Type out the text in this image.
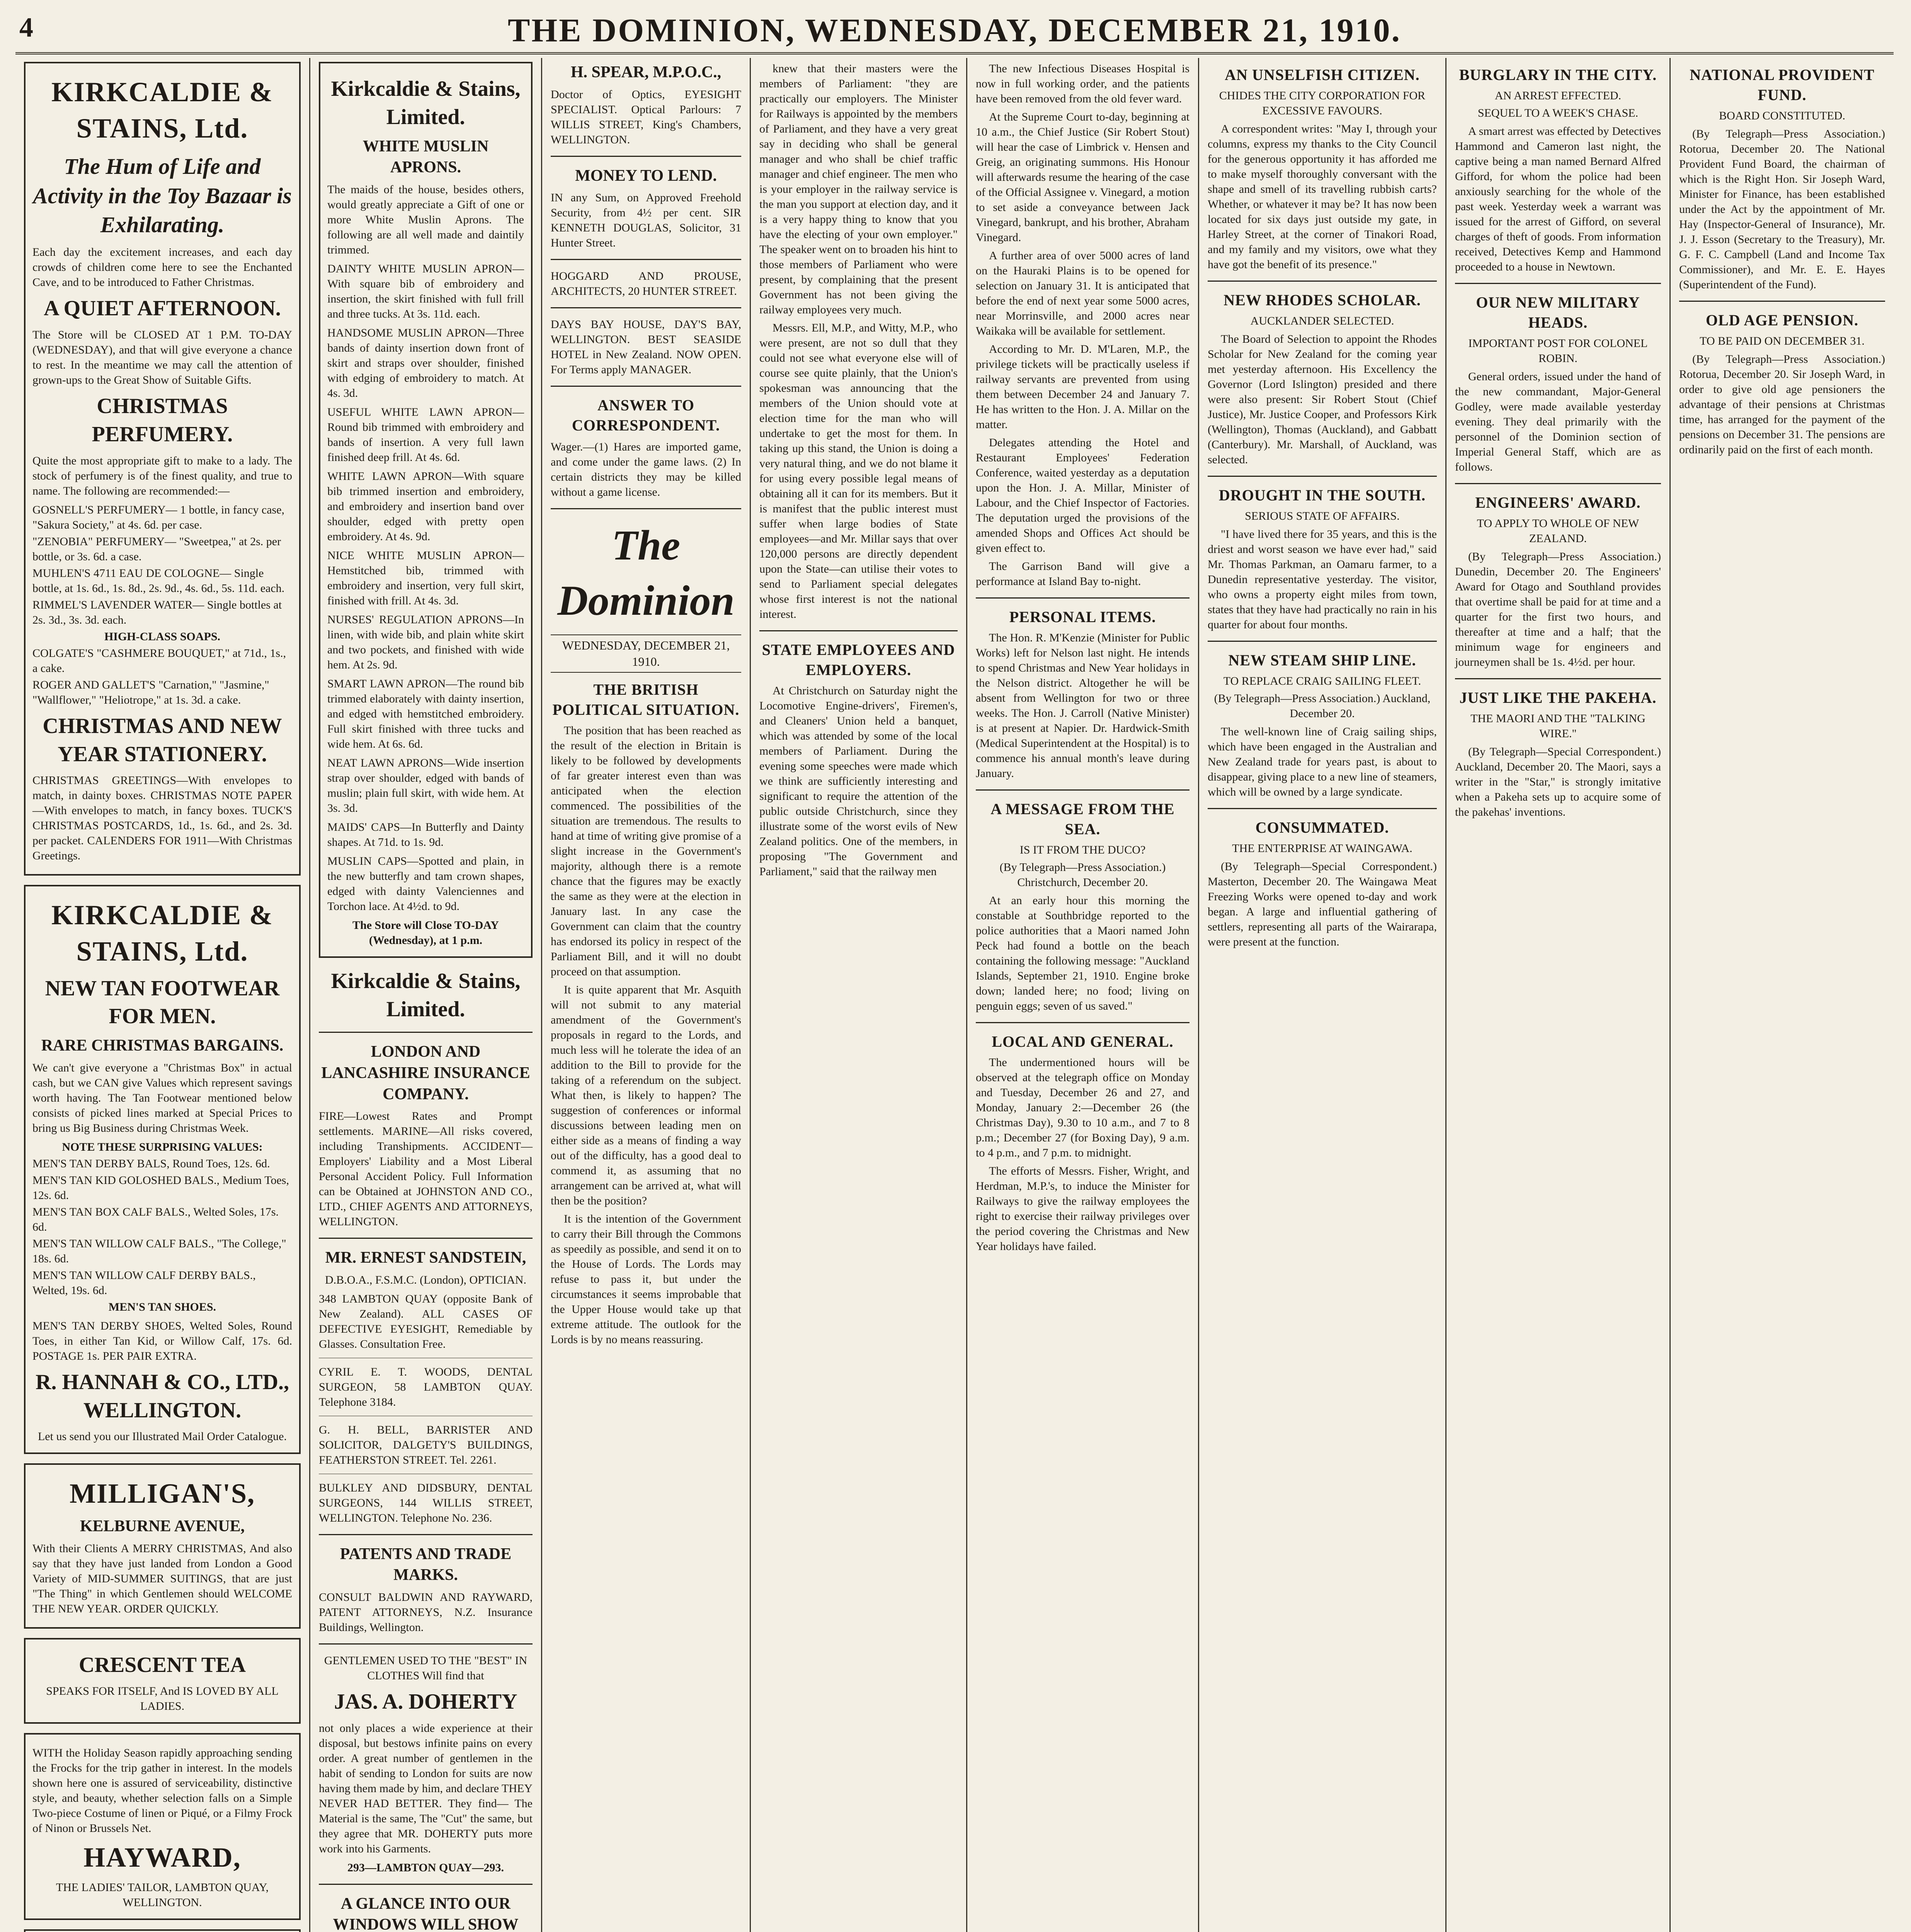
4	THE DOMINION, WEDNESDAY, DECEMBER 21, 1910.
KIRKCALDIE & STAINS, Ltd.
The Hum of Life and Activity in the Toy Bazaar is Exhilarating.
Each day the excitement increases, and each day crowds of children come here to see the Enchanted Cave, and to be introduced to Father Christmas.
A QUIET AFTERNOON.
The Store will be CLOSED AT 1 P.M. TO-DAY (WEDNESDAY), and that will give everyone a chance to rest. In the meantime we may call the attention of grown-ups to the Great Show of Suitable Gifts.
CHRISTMAS PERFUMERY.
Quite the most appropriate gift to make to a lady. The stock of perfumery is of the finest quality, and true to name. The following are recommended:—
GOSNELL'S PERFUMERY— 1 bottle, in fancy case, "Sakura Society," at 4s. 6d. per case.
"ZENOBIA" PERFUMERY— "Sweetpea," at 2s. per bottle, or 3s. 6d. a case.
MUHLEN'S 4711 EAU DE COLOGNE— Single bottle, at 1s. 6d., 1s. 8d., 2s. 9d., 4s. 6d., 5s. 11d. each.
RIMMEL'S LAVENDER WATER— Single bottles at 2s. 3d., 3s. 3d. each.
HIGH-CLASS SOAPS.
COLGATE'S "CASHMERE BOUQUET," at 71d., 1s., a cake.
ROGER AND GALLET'S "Carnation," "Jasmine," "Wallflower," "Heliotrope," at 1s. 3d. a cake.
CHRISTMAS AND NEW YEAR STATIONERY.
CHRISTMAS GREETINGS—With envelopes to match, in dainty boxes. CHRISTMAS NOTE PAPER—With envelopes to match, in fancy boxes. TUCK'S CHRISTMAS POSTCARDS, 1d., 1s. 6d., and 2s. 3d. per packet. CALENDERS FOR 1911—With Christmas Greetings.
KIRKCALDIE & STAINS, Ltd.
NEW TAN FOOTWEAR FOR MEN.
RARE CHRISTMAS BARGAINS.
We can't give everyone a "Christmas Box" in actual cash, but we CAN give Values which represent savings worth having. The Tan Footwear mentioned below consists of picked lines marked at Special Prices to bring us Big Business during Christmas Week.
NOTE THESE SURPRISING VALUES:
MEN'S TAN DERBY BALS, Round Toes, 12s. 6d.
MEN'S TAN KID GOLOSHED BALS., Medium Toes, 12s. 6d.
MEN'S TAN BOX CALF BALS., Welted Soles, 17s. 6d.
MEN'S TAN WILLOW CALF BALS., "The College," 18s. 6d.
MEN'S TAN WILLOW CALF DERBY BALS., Welted, 19s. 6d.
MEN'S TAN SHOES.
MEN'S TAN DERBY SHOES, Welted Soles, Round Toes, in either Tan Kid, or Willow Calf, 17s. 6d. POSTAGE 1s. PER PAIR EXTRA.
R. HANNAH & CO., LTD., WELLINGTON.
Let us send you our Illustrated Mail Order Catalogue.
MILLIGAN'S,
KELBURNE AVENUE,
With their Clients A MERRY CHRISTMAS, And also say that they have just landed from London a Good Variety of MID-SUMMER SUITINGS, that are just "The Thing" in which Gentlemen should WELCOME THE NEW YEAR. ORDER QUICKLY.
CRESCENT TEA
SPEAKS FOR ITSELF, And IS LOVED BY ALL LADIES.
WITH the Holiday Season rapidly approaching sending the Frocks for the trip gather in interest. In the models shown here one is assured of serviceability, distinctive style, and beauty, whether selection falls on a Simple Two-piece Costume of linen or Piqué, or a Filmy Frock of Ninon or Brussels Net.
HAYWARD,
THE LADIES' TAILOR, LAMBTON QUAY, WELLINGTON.
Kirkcaldie & Stains, Limited.
WHITE MUSLIN APRONS.
The maids of the house, besides others, would greatly appreciate a Gift of one or more White Muslin Aprons. The following are all well made and daintily trimmed.
DAINTY WHITE MUSLIN APRON—With square bib of embroidery and insertion, the skirt finished with full frill and three tucks. At 3s. 11d. each.
HANDSOME MUSLIN APRON—Three bands of dainty insertion down front of skirt and straps over shoulder, finished with edging of embroidery to match. At 4s. 3d.
USEFUL WHITE LAWN APRON—Round bib trimmed with embroidery and bands of insertion. A very full lawn finished deep frill. At 4s. 6d.
WHITE LAWN APRON—With square bib trimmed insertion and embroidery, and embroidery and insertion band over shoulder, edged with pretty open embroidery. At 4s. 9d.
NICE WHITE MUSLIN APRON—Hemstitched bib, trimmed with embroidery and insertion, very full skirt, finished with frill. At 4s. 3d.
NURSES' REGULATION APRONS—In linen, with wide bib, and plain white skirt and two pockets, and finished with wide hem. At 2s. 9d.
SMART LAWN APRON—The round bib trimmed elaborately with dainty insertion, and edged with hemstitched embroidery. Full skirt finished with three tucks and wide hem. At 6s. 6d.
NEAT LAWN APRONS—Wide insertion strap over shoulder, edged with bands of muslin; plain full skirt, with wide hem. At 3s. 3d.
MAIDS' CAPS—In Butterfly and Dainty shapes. At 71d. to 1s. 9d.
MUSLIN CAPS—Spotted and plain, in the new butterfly and tam crown shapes, edged with dainty Valenciennes and Torchon lace. At 4½d. to 9d.
The Store will Close TO-DAY (Wednesday), at 1 p.m.
Kirkcaldie & Stains, Limited.
LONDON AND LANCASHIRE INSURANCE COMPANY.
FIRE—Lowest Rates and Prompt settlements. MARINE—All risks covered, including Transhipments. ACCIDENT—Employers' Liability and a Most Liberal Personal Accident Policy. Full Information can be Obtained at JOHNSTON AND CO., LTD., CHIEF AGENTS AND ATTORNEYS, WELLINGTON.
MR. ERNEST SANDSTEIN,
D.B.O.A., F.S.M.C. (London), OPTICIAN.
348 LAMBTON QUAY (opposite Bank of New Zealand). ALL CASES OF DEFECTIVE EYESIGHT, Remediable by Glasses. Consultation Free.
CYRIL E. T. WOODS, DENTAL SURGEON, 58 LAMBTON QUAY. Telephone 3184.
G. H. BELL, BARRISTER AND SOLICITOR, DALGETY'S BUILDINGS, FEATHERSTON STREET. Tel. 2261.
BULKLEY AND DIDSBURY, DENTAL SURGEONS, 144 WILLIS STREET, WELLINGTON. Telephone No. 236.
PATENTS AND TRADE MARKS.
CONSULT BALDWIN AND RAYWARD, PATENT ATTORNEYS, N.Z. Insurance Buildings, Wellington.
GENTLEMEN USED TO THE "BEST" IN CLOTHES Will find that
JAS. A. DOHERTY
not only places a wide experience at their disposal, but bestows infinite pains on every order. A great number of gentlemen in the habit of sending to London for suits are now having them made by him, and declare THEY NEVER HAD BETTER. They find— The Material is the same, The "Cut" the same, but they agree that MR. DOHERTY puts more work into his Garments.
293—LAMBTON QUAY—293.
A GLANCE INTO OUR WINDOWS WILL SHOW
H. SPEAR, M.P.O.C.,
Doctor of Optics, EYESIGHT SPECIALIST. Optical Parlours: 7 WILLIS STREET, King's Chambers, WELLINGTON.
MONEY TO LEND.
IN any Sum, on Approved Freehold Security, from 4½ per cent. SIR KENNETH DOUGLAS, Solicitor, 31 Hunter Street.
HOGGARD AND PROUSE, ARCHITECTS, 20 HUNTER STREET.
DAYS BAY HOUSE, DAY'S BAY, WELLINGTON. BEST SEASIDE HOTEL in New Zealand. NOW OPEN. For Terms apply MANAGER.
ANSWER TO CORRESPONDENT.
Wager.—(1) Hares are imported game, and come under the game laws. (2) In certain districts they may be killed without a game license.
The Dominion
WEDNESDAY, DECEMBER 21, 1910.
THE BRITISH POLITICAL SITUATION.
The position that has been reached as the result of the election in Britain is likely to be followed by developments of far greater interest even than was anticipated when the election commenced. The possibilities of the situation are tremendous. The results to hand at time of writing give promise of a slight increase in the Government's majority, although there is a remote chance that the figures may be exactly the same as they were at the election in January last. In any case the Government can claim that the country has endorsed its policy in respect of the Parliament Bill, and it will no doubt proceed on that assumption.
It is quite apparent that Mr. Asquith will not submit to any material amendment of the Government's proposals in regard to the Lords, and much less will he tolerate the idea of an addition to the Bill to provide for the taking of a referendum on the subject. What then, is likely to happen? The suggestion of conferences or informal discussions between leading men on either side as a means of finding a way out of the difficulty, has a good deal to commend it, as assuming that no arrangement can be arrived at, what will then be the position?
It is the intention of the Government to carry their Bill through the Commons as speedily as possible, and send it on to the House of Lords. The Lords may refuse to pass it, but under the circumstances it seems improbable that the Upper House would take up that extreme attitude. The outlook for the Lords is by no means reassuring.
knew that their masters were the members of Parliament: "they are practically our employers. The Minister for Railways is appointed by the members of Parliament, and they have a very great say in deciding who shall be general manager and who shall be chief traffic manager and chief engineer. The men who is your employer in the railway service is the man you support at election day, and it is a very happy thing to know that you have the electing of your own employer." The speaker went on to broaden his hint to those members of Parliament who were present, by complaining that the present Government has not been giving the railway employees very much.
Messrs. Ell, M.P., and Witty, M.P., who were present, are not so dull that they could not see what everyone else will of course see quite plainly, that the Union's spokesman was announcing that the members of the Union should vote at election time for the man who will undertake to get the most for them. In taking up this stand, the Union is doing a very natural thing, and we do not blame it for using every possible legal means of obtaining all it can for its members. But it is manifest that the public interest must suffer when large bodies of State employees—and Mr. Millar says that over 120,000 persons are directly dependent upon the State—can utilise their votes to send to Parliament special delegates whose first interest is not the national interest.
STATE EMPLOYEES AND EMPLOYERS.
At Christchurch on Saturday night the Locomotive Engine-drivers', Firemen's, and Cleaners' Union held a banquet, which was attended by some of the local members of Parliament. During the evening some speeches were made which we think are sufficiently interesting and significant to require the attention of the public outside Christchurch, since they illustrate some of the worst evils of New Zealand politics. One of the members, in proposing "The Government and Parliament," said that the railway men
The new Infectious Diseases Hospital is now in full working order, and the patients have been removed from the old fever ward.
At the Supreme Court to-day, beginning at 10 a.m., the Chief Justice (Sir Robert Stout) will hear the case of Limbrick v. Hensen and Greig, an originating summons. His Honour will afterwards resume the hearing of the case of the Official Assignee v. Vinegard, a motion to set aside a conveyance between Jack Vinegard, bankrupt, and his brother, Abraham Vinegard.
A further area of over 5000 acres of land on the Hauraki Plains is to be opened for selection on January 31. It is anticipated that before the end of next year some 5000 acres, near Morrinsville, and 2000 acres near Waikaka will be available for settlement.
According to Mr. D. M'Laren, M.P., the privilege tickets will be practically useless if railway servants are prevented from using them between December 24 and January 7. He has written to the Hon. J. A. Millar on the matter.
Delegates attending the Hotel and Restaurant Employees' Federation Conference, waited yesterday as a deputation upon the Hon. J. A. Millar, Minister of Labour, and the Chief Inspector of Factories. The deputation urged the provisions of the amended Shops and Offices Act should be given effect to.
The Garrison Band will give a performance at Island Bay to-night.
PERSONAL ITEMS.
The Hon. R. M'Kenzie (Minister for Public Works) left for Nelson last night. He intends to spend Christmas and New Year holidays in the Nelson district. Altogether he will be absent from Wellington for two or three weeks. The Hon. J. Carroll (Native Minister) is at present at Napier. Dr. Hardwick-Smith (Medical Superintendent at the Hospital) is to commence his annual month's leave during January.
A MESSAGE FROM THE SEA.
IS IT FROM THE DUCO?
(By Telegraph—Press Association.) Christchurch, December 20.
At an early hour this morning the constable at Southbridge reported to the police authorities that a Maori named John Peck had found a bottle on the beach containing the following message: "Auckland Islands, September 21, 1910. Engine broke down; landed here; no food; living on penguin eggs; seven of us saved."
LOCAL AND GENERAL.
The undermentioned hours will be observed at the telegraph office on Monday and Tuesday, December 26 and 27, and Monday, January 2:—December 26 (the Christmas Day), 9.30 to 10 a.m., and 7 to 8 p.m.; December 27 (for Boxing Day), 9 a.m. to 4 p.m., and 7 p.m. to midnight.
The efforts of Messrs. Fisher, Wright, and Herdman, M.P.'s, to induce the Minister for Railways to give the railway employees the right to exercise their railway privileges over the period covering the Christmas and New Year holidays have failed.
AN UNSELFISH CITIZEN.
CHIDES THE CITY CORPORATION FOR EXCESSIVE FAVOURS.
A correspondent writes: "May I, through your columns, express my thanks to the City Council for the generous opportunity it has afforded me to make myself thoroughly conversant with the shape and smell of its travelling rubbish carts? Whether, or whatever it may be? It has now been located for six days just outside my gate, in Harley Street, at the corner of Tinakori Road, and my family and my visitors, owe what they have got the benefit of its presence."
NEW RHODES SCHOLAR.
AUCKLANDER SELECTED.
The Board of Selection to appoint the Rhodes Scholar for New Zealand for the coming year met yesterday afternoon. His Excellency the Governor (Lord Islington) presided and there were also present: Sir Robert Stout (Chief Justice), Mr. Justice Cooper, and Professors Kirk (Wellington), Thomas (Auckland), and Gabbatt (Canterbury). Mr. Marshall, of Auckland, was selected.
DROUGHT IN THE SOUTH.
SERIOUS STATE OF AFFAIRS.
"I have lived there for 35 years, and this is the driest and worst season we have ever had," said Mr. Thomas Parkman, an Oamaru farmer, to a Dunedin representative yesterday. The visitor, who owns a property eight miles from town, states that they have had practically no rain in his quarter for about four months.
NEW STEAM SHIP LINE.
TO REPLACE CRAIG SAILING FLEET.
(By Telegraph—Press Association.) Auckland, December 20.
The well-known line of Craig sailing ships, which have been engaged in the Australian and New Zealand trade for years past, is about to disappear, giving place to a new line of steamers, which will be owned by a large syndicate.
CONSUMMATED.
THE ENTERPRISE AT WAINGAWA.
(By Telegraph—Special Correspondent.) Masterton, December 20. The Waingawa Meat Freezing Works were opened to-day and work began. A large and influential gathering of settlers, representing all parts of the Wairarapa, were present at the function.
BURGLARY IN THE CITY.
AN ARREST EFFECTED.
SEQUEL TO A WEEK'S CHASE.
A smart arrest was effected by Detectives Hammond and Cameron last night, the captive being a man named Bernard Alfred Gifford, for whom the police had been anxiously searching for the whole of the past week. Yesterday week a warrant was issued for the arrest of Gifford, on several charges of theft of goods. From information received, Detectives Kemp and Hammond proceeded to a house in Newtown.
OUR NEW MILITARY HEADS.
IMPORTANT POST FOR COLONEL ROBIN.
General orders, issued under the hand of the new commandant, Major-General Godley, were made available yesterday evening. They deal primarily with the personnel of the Dominion section of Imperial General Staff, which are as follows.
ENGINEERS' AWARD.
TO APPLY TO WHOLE OF NEW ZEALAND.
(By Telegraph—Press Association.) Dunedin, December 20. The Engineers' Award for Otago and Southland provides that overtime shall be paid for at time and a quarter for the first two hours, and thereafter at time and a half; that the minimum wage for engineers and journeymen shall be 1s. 4½d. per hour.
JUST LIKE THE PAKEHA.
THE MAORI AND THE "TALKING WIRE."
(By Telegraph—Special Correspondent.) Auckland, December 20. The Maori, says a writer in the "Star," is strongly imitative when a Pakeha sets up to acquire some of the pakehas' inventions.
NATIONAL PROVIDENT FUND.
BOARD CONSTITUTED.
(By Telegraph—Press Association.) Rotorua, December 20. The National Provident Fund Board, the chairman of which is the Right Hon. Sir Joseph Ward, Minister for Finance, has been established under the Act by the appointment of Mr. Hay (Inspector-General of Insurance), Mr. J. J. Esson (Secretary to the Treasury), Mr. G. F. C. Campbell (Land and Income Tax Commissioner), and Mr. E. E. Hayes (Superintendent of the Fund).
OLD AGE PENSION.
TO BE PAID ON DECEMBER 31.
(By Telegraph—Press Association.) Rotorua, December 20. Sir Joseph Ward, in order to give old age pensioners the advantage of their pensions at Christmas time, has arranged for the payment of the pensions on December 31. The pensions are ordinarily paid on the first of each month.
